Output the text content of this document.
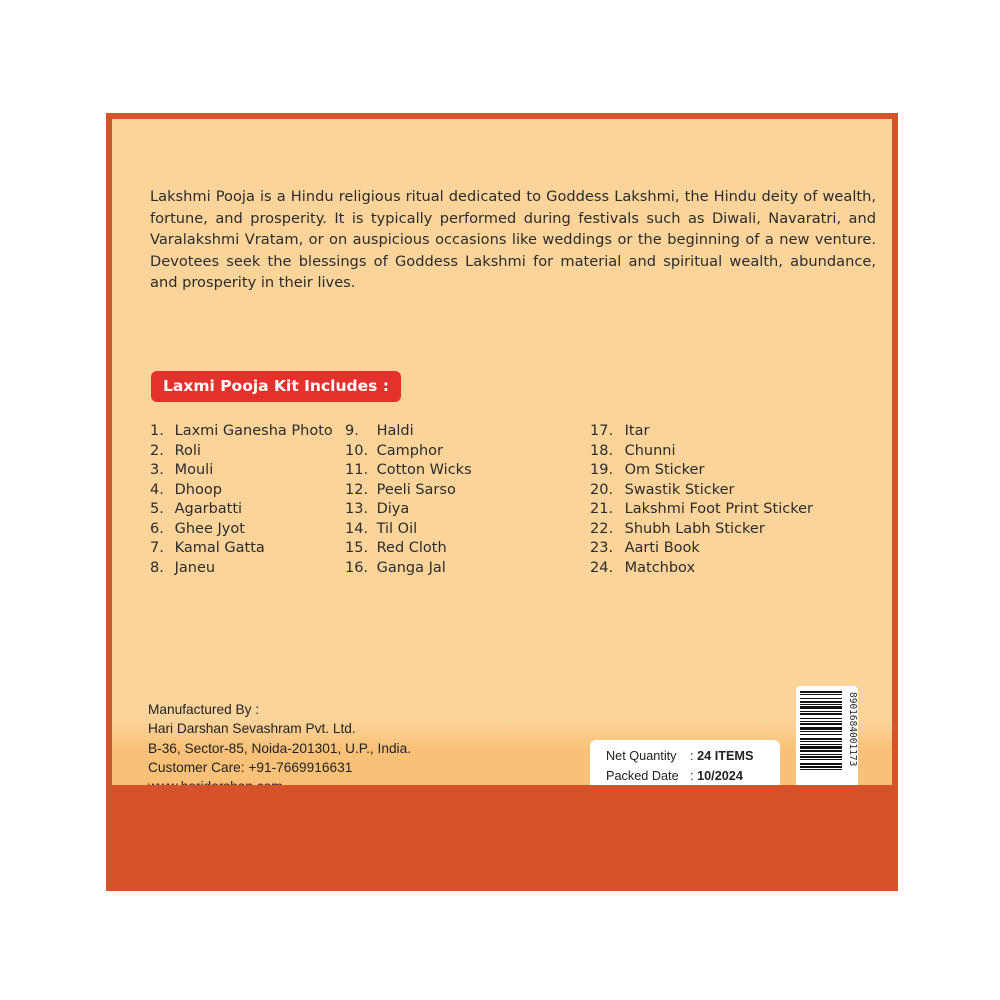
Lakshmi Pooja is a Hindu religious ritual dedicated to Goddess Lakshmi, the Hindu deity of wealth, fortune, and prosperity. It is typically performed during festivals such as Diwali, Navaratri, and Varalakshmi Vratam, or on auspicious occasions like weddings or the beginning of a new venture. Devotees seek the blessings of Goddess Lakshmi for material and spiritual wealth, abundance, and prosperity in their lives.

Laxmi Pooja Kit Includes :
1. Laxmi Ganesha Photo
2. Roli
3. Mouli
4. Dhoop
5. Agarbatti
6. Ghee Jyot
7. Kamal Gatta
8. Janeu
9. Haldi
10. Camphor
11. Cotton Wicks
12. Peeli Sarso
13. Diya
14. Til Oil
15. Red Cloth
16. Ganga Jal
17. Itar
18. Chunni
19. Om Sticker
20. Swastik Sticker
21. Lakshmi Foot Print Sticker
22. Shubh Labh Sticker
23. Aarti Book
24. Matchbox
Manufactured By :
Hari Darshan Sevashram Pvt. Ltd.
B-36, Sector-85, Noida-201301, U.P., India.
Customer Care: +91-7669916631
Net Quantity : 24 ITEMS
Packed Date : 10/2024

8901684001173
